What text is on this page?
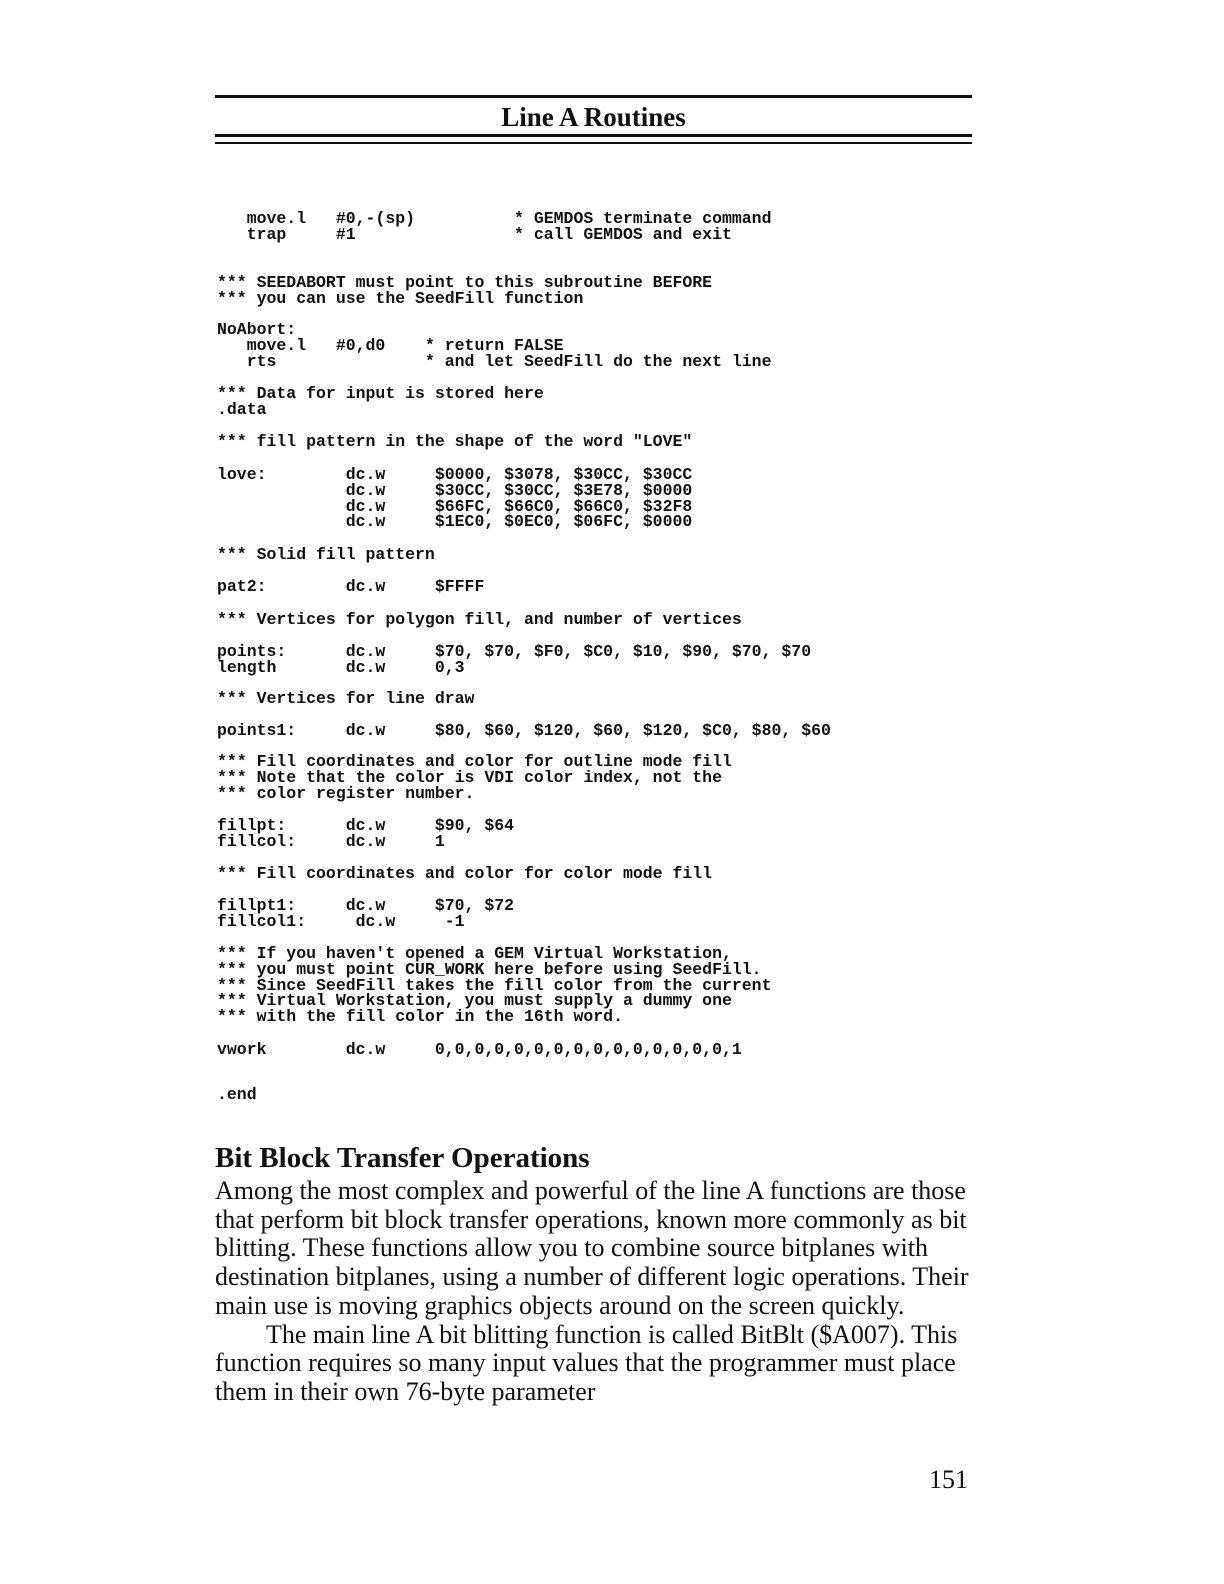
Line A Routines
move.l   #0,-(sp)          * GEMDOS terminate command
trap     #1                * call GEMDOS and exit
*** SEEDABORT must point to this subroutine BEFORE
*** you can use the SeedFill function
NoAbort:
move.l   #0,d0    * return FALSE
rts               * and let SeedFill do the next line
*** Data for input is stored here
.data
*** fill pattern in the shape of the word "LOVE"
love:        dc.w     $0000, $3078, $30CC, $30CC
dc.w     $30CC, $30CC, $3E78, $0000
dc.w     $66FC, $66C0, $66C0, $32F8
dc.w     $1EC0, $0EC0, $06FC, $0000
*** Solid fill pattern
pat2:        dc.w     $FFFF
*** Vertices for polygon fill, and number of vertices
points:      dc.w     $70, $70, $F0, $C0, $10, $90, $70, $70
length       dc.w     0,3
*** Vertices for line draw
points1:     dc.w     $80, $60, $120, $60, $120, $C0, $80, $60
*** Fill coordinates and color for outline mode fill
*** Note that the color is VDI color index, not the
*** color register number.
fillpt:      dc.w     $90, $64
fillcol:     dc.w     1
*** Fill coordinates and color for color mode fill
fillpt1:     dc.w     $70, $72
fillcol1:     dc.w     -1
*** If you haven't opened a GEM Virtual Workstation,
*** you must point CUR_WORK here before using SeedFill.
*** Since SeedFill takes the fill color from the current
*** Virtual Workstation, you must supply a dummy one
*** with the fill color in the 16th word.
vwork        dc.w     0,0,0,0,0,0,0,0,0,0,0,0,0,0,0,1
.end
Bit Block Transfer Operations

Among the most complex and powerful of the line A functions are those that perform bit block transfer operations, known more commonly as bit blitting. These functions allow you to combine source bitplanes with destination bitplanes, using a number of different logic operations. Their main use is moving graphics objects around on the screen quickly.

The main line A bit blitting function is called BitBlt ($A007). This function requires so many input values that the programmer must place them in their own 76-byte parameter

151
